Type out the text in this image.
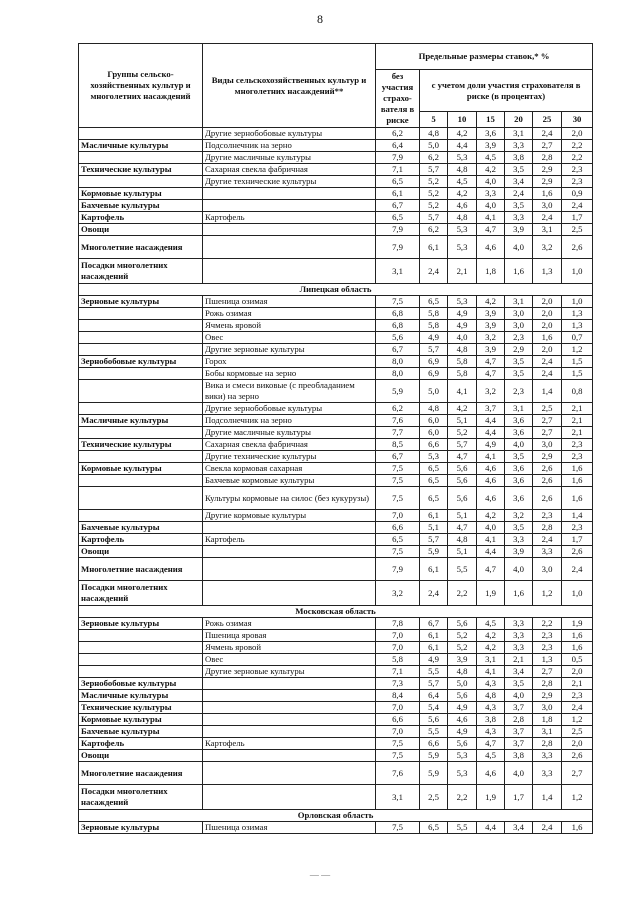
8
Группы сельско-хозяйственных культур и многолетних насаждений	Виды сельскохозяйственных культур и многолетних насаждений**	Предельные размеры ставок,* %						
		без участия страхо-вателя в риске	с учетом доли участия страхователя в риске (в процентах)					
			5	10	15	20	25	30
	Другие зернобобовые культуры	6,2	4,8	4,2	3,6	3,1	2,4	2,0
Масличные культуры	Подсолнечник на зерно	6,4	5,0	4,4	3,9	3,3	2,7	2,2
	Другие масличные культуры	7,9	6,2	5,3	4,5	3,8	2,8	2,2
Технические культуры	Сахарная свекла фабричная	7,1	5,7	4,8	4,2	3,5	2,9	2,3
	Другие технические культуры	6,5	5,2	4,5	4,0	3,4	2,9	2,3
Кормовые культуры		6,1	5,2	4,2	3,3	2,4	1,6	0,9
Бахчевые культуры		6,7	5,2	4,6	4,0	3,5	3,0	2,4
Картофель	Картофель	6,5	5,7	4,8	4,1	3,3	2,4	1,7
Овощи		7,9	6,2	5,3	4,7	3,9	3,1	2,5
Многолетние насаждения		7,9	6,1	5,3	4,6	4,0	3,2	2,6
Посадки многолетних насаждений		3,1	2,4	2,1	1,8	1,6	1,3	1,0
Липецкая область								
Зерновые культуры	Пшеница озимая	7,5	6,5	5,3	4,2	3,1	2,0	1,0
	Рожь озимая	6,8	5,8	4,9	3,9	3,0	2,0	1,3
	Ячмень яровой	6,8	5,8	4,9	3,9	3,0	2,0	1,3
	Овес	5,6	4,9	4,0	3,2	2,3	1,6	0,7
	Другие зерновые культуры	6,7	5,7	4,8	3,9	2,9	2,0	1,2
Зернобобовые культуры	Горох	8,0	6,9	5,8	4,7	3,5	2,4	1,5
	Бобы кормовые на зерно	8,0	6,9	5,8	4,7	3,5	2,4	1,5
	Вика и смеси виковые (с преобладанием вики) на зерно	5,9	5,0	4,1	3,2	2,3	1,4	0,8
	Другие зернобобовые культуры	6,2	4,8	4,2	3,7	3,1	2,5	2,1
Масличные культуры	Подсолнечник на зерно	7,6	6,0	5,1	4,4	3,6	2,7	2,1
	Другие масличные культуры	7,7	6,0	5,2	4,4	3,6	2,7	2,1
Технические культуры	Сахарная свекла фабричная	8,5	6,6	5,7	4,9	4,0	3,0	2,3
	Другие технические культуры	6,7	5,3	4,7	4,1	3,5	2,9	2,3
Кормовые культуры	Свекла кормовая сахарная	7,5	6,5	5,6	4,6	3,6	2,6	1,6
	Бахчевые кормовые культуры	7,5	6,5	5,6	4,6	3,6	2,6	1,6
	Культуры кормовые на силос (без кукурузы)	7,5	6,5	5,6	4,6	3,6	2,6	1,6
	Другие кормовые культуры	7,0	6,1	5,1	4,2	3,2	2,3	1,4
Бахчевые культуры		6,6	5,1	4,7	4,0	3,5	2,8	2,3
Картофель	Картофель	6,5	5,7	4,8	4,1	3,3	2,4	1,7
Овощи		7,5	5,9	5,1	4,4	3,9	3,3	2,6
Многолетние насаждения		7,9	6,1	5,5	4,7	4,0	3,0	2,4
Посадки многолетних насаждений		3,2	2,4	2,2	1,9	1,6	1,2	1,0
Московская область								
Зерновые культуры	Рожь озимая	7,8	6,7	5,6	4,5	3,3	2,2	1,9
	Пшеница яровая	7,0	6,1	5,2	4,2	3,3	2,3	1,6
	Ячмень яровой	7,0	6,1	5,2	4,2	3,3	2,3	1,6
	Овес	5,8	4,9	3,9	3,1	2,1	1,3	0,5
	Другие зерновые культуры	7,1	5,5	4,8	4,1	3,4	2,7	2,0
Зернобобовые культуры		7,3	5,7	5,0	4,3	3,5	2,8	2,1
Масличные культуры		8,4	6,4	5,6	4,8	4,0	2,9	2,3
Технические культуры		7,0	5,4	4,9	4,3	3,7	3,0	2,4
Кормовые культуры		6,6	5,6	4,6	3,8	2,8	1,8	1,2
Бахчевые культуры		7,0	5,5	4,9	4,3	3,7	3,1	2,5
Картофель	Картофель	7,5	6,6	5,6	4,7	3,7	2,8	2,0
Овощи		7,5	5,9	5,3	4,5	3,8	3,3	2,6
Многолетние насаждения		7,6	5,9	5,3	4,6	4,0	3,3	2,7
Посадки многолетних насаждений		3,1	2,5	2,2	1,9	1,7	1,4	1,2
Орловская область								
Зерновые культуры	Пшеница озимая	7,5	6,5	5,5	4,4	3,4	2,4	1,6
— —
